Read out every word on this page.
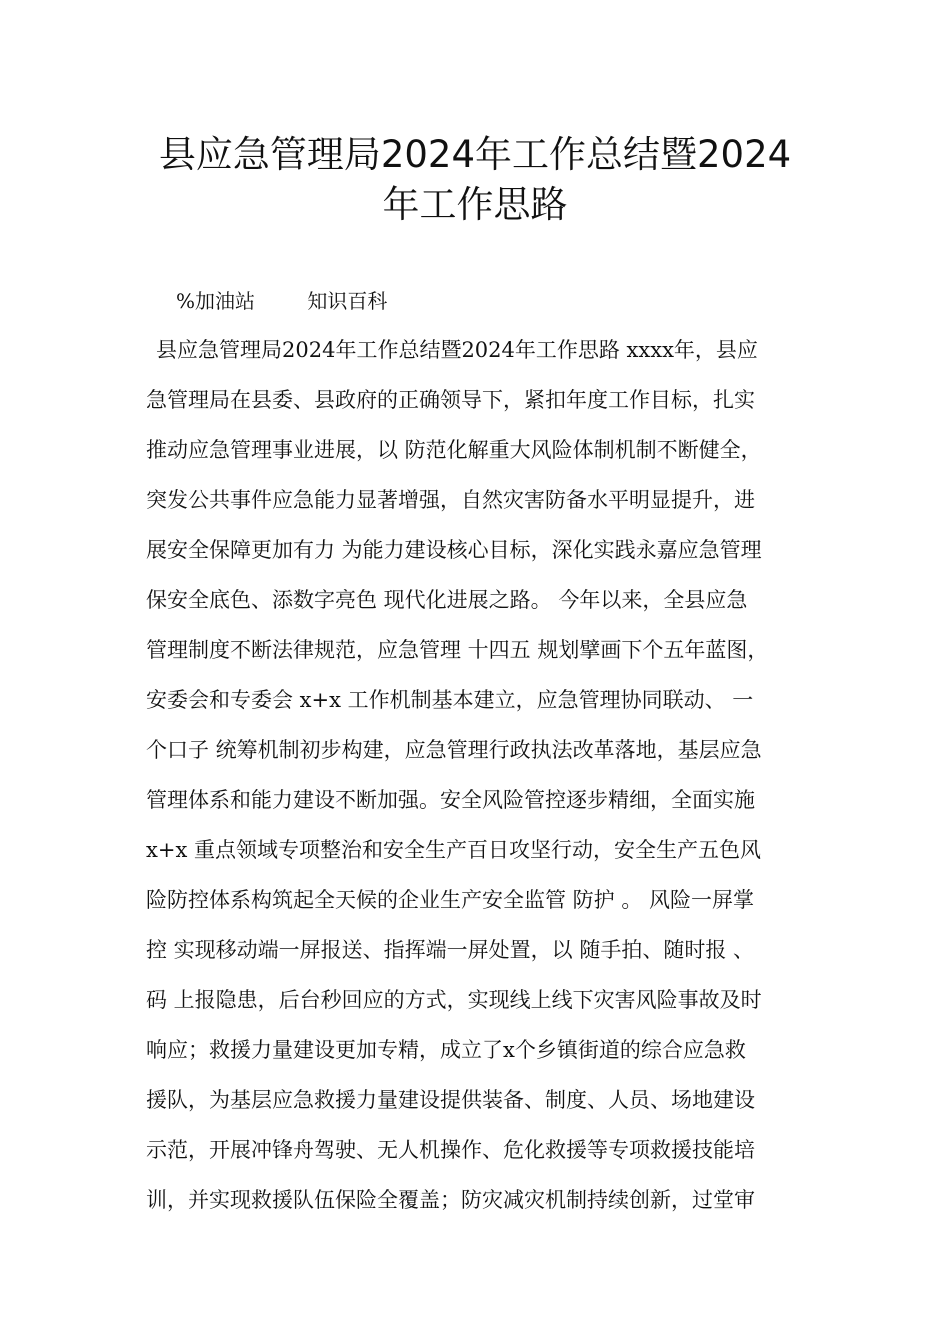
县应急管理局2024年工作总结暨2024
年工作思路
%加油站	知识百科
县应急管理局2024年工作总结暨2024年工作思路 xxxx年，县应
急管理局在县委、县政府的正确领导下，紧扣年度工作目标，扎实
推动应急管理事业进展，以 防范化解重大风险体制机制不断健全，
突发公共事件应急能力显著增强，自然灾害防备水平明显提升，进
展安全保障更加有力 为能力建设核心目标，深化实践永嘉应急管理
保安全底色、添数字亮色 现代化进展之路。 今年以来，全县应急
管理制度不断法律规范，应急管理 十四五 规划擘画下个五年蓝图，
安委会和专委会 x+x 工作机制基本建立，应急管理协同联动、 一
个口子 统筹机制初步构建，应急管理行政执法改革落地，基层应急
管理体系和能力建设不断加强。安全风险管控逐步精细，全面实施
x+x 重点领域专项整治和安全生产百日攻坚行动，安全生产五色风
险防控体系构筑起全天候的企业生产安全监管 防护 。 风险一屏掌
控 实现移动端一屏报送、指挥端一屏处置，以 随手拍、随时报 、
码 上报隐患，后台秒回应的方式，实现线上线下灾害风险事故及时
响应；救援力量建设更加专精，成立了x个乡镇街道的综合应急救
援队，为基层应急救援力量建设提供装备、制度、人员、场地建设
示范，开展冲锋舟驾驶、无人机操作、危化救援等专项救援技能培
训，并实现救援队伍保险全覆盖；防灾减灾机制持续创新，过堂审
